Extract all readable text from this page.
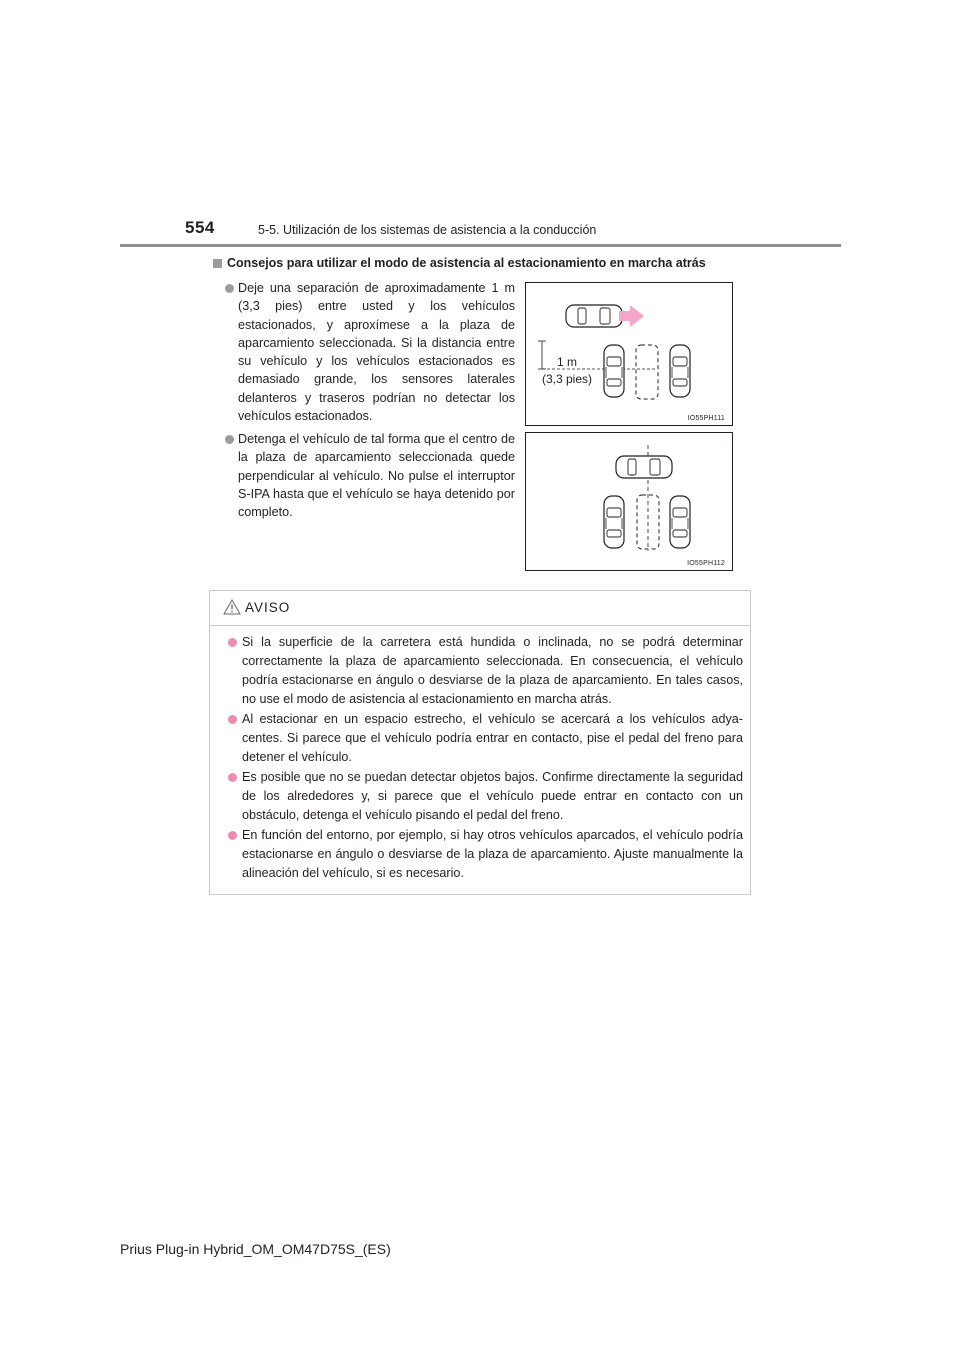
554	5-5. Utilización de los sistemas de asistencia a la conducción
Consejos para utilizar el modo de asistencia al estacionamiento en marcha atrás
Deje una separación de aproximadamente 1 m (3,3 pies) entre usted y los vehículos estacionados, y aproxímese a la plaza de aparcamiento seleccionada. Si la distancia entre su vehículo y los vehículos estacionados es demasiado grande, los sensores laterales delanteros y traseros podrían no detectar los vehículos estacionados.
Detenga el vehículo de tal forma que el centro de la plaza de aparcamiento seleccionada quede perpendicular al vehículo. No pulse el interruptor S-IPA hasta que el vehículo se haya detenido por completo.
1 m
(3,3 pies)
IO55PH111
IO55PH112
AVISO
Si la superficie de la carretera está hundida o inclinada, no se podrá determinar correctamente la plaza de aparcamiento seleccionada. En consecuencia, el vehículo podría estacionarse en ángulo o desviarse de la plaza de aparcamiento. En tales casos, no use el modo de asistencia al estacionamiento en marcha atrás.
Al estacionar en un espacio estrecho, el vehículo se acercará a los vehículos adyacentes. Si parece que el vehículo podría entrar en contacto, pise el pedal del freno para detener el vehículo.
Es posible que no se puedan detectar objetos bajos. Confirme directamente la seguridad de los alrededores y, si parece que el vehículo puede entrar en contacto con un obstáculo, detenga el vehículo pisando el pedal del freno.
En función del entorno, por ejemplo, si hay otros vehículos aparcados, el vehículo podría estacionarse en ángulo o desviarse de la plaza de aparcamiento. Ajuste manualmente la alineación del vehículo, si es necesario.
Prius Plug-in Hybrid_OM_OM47D75S_(ES)
